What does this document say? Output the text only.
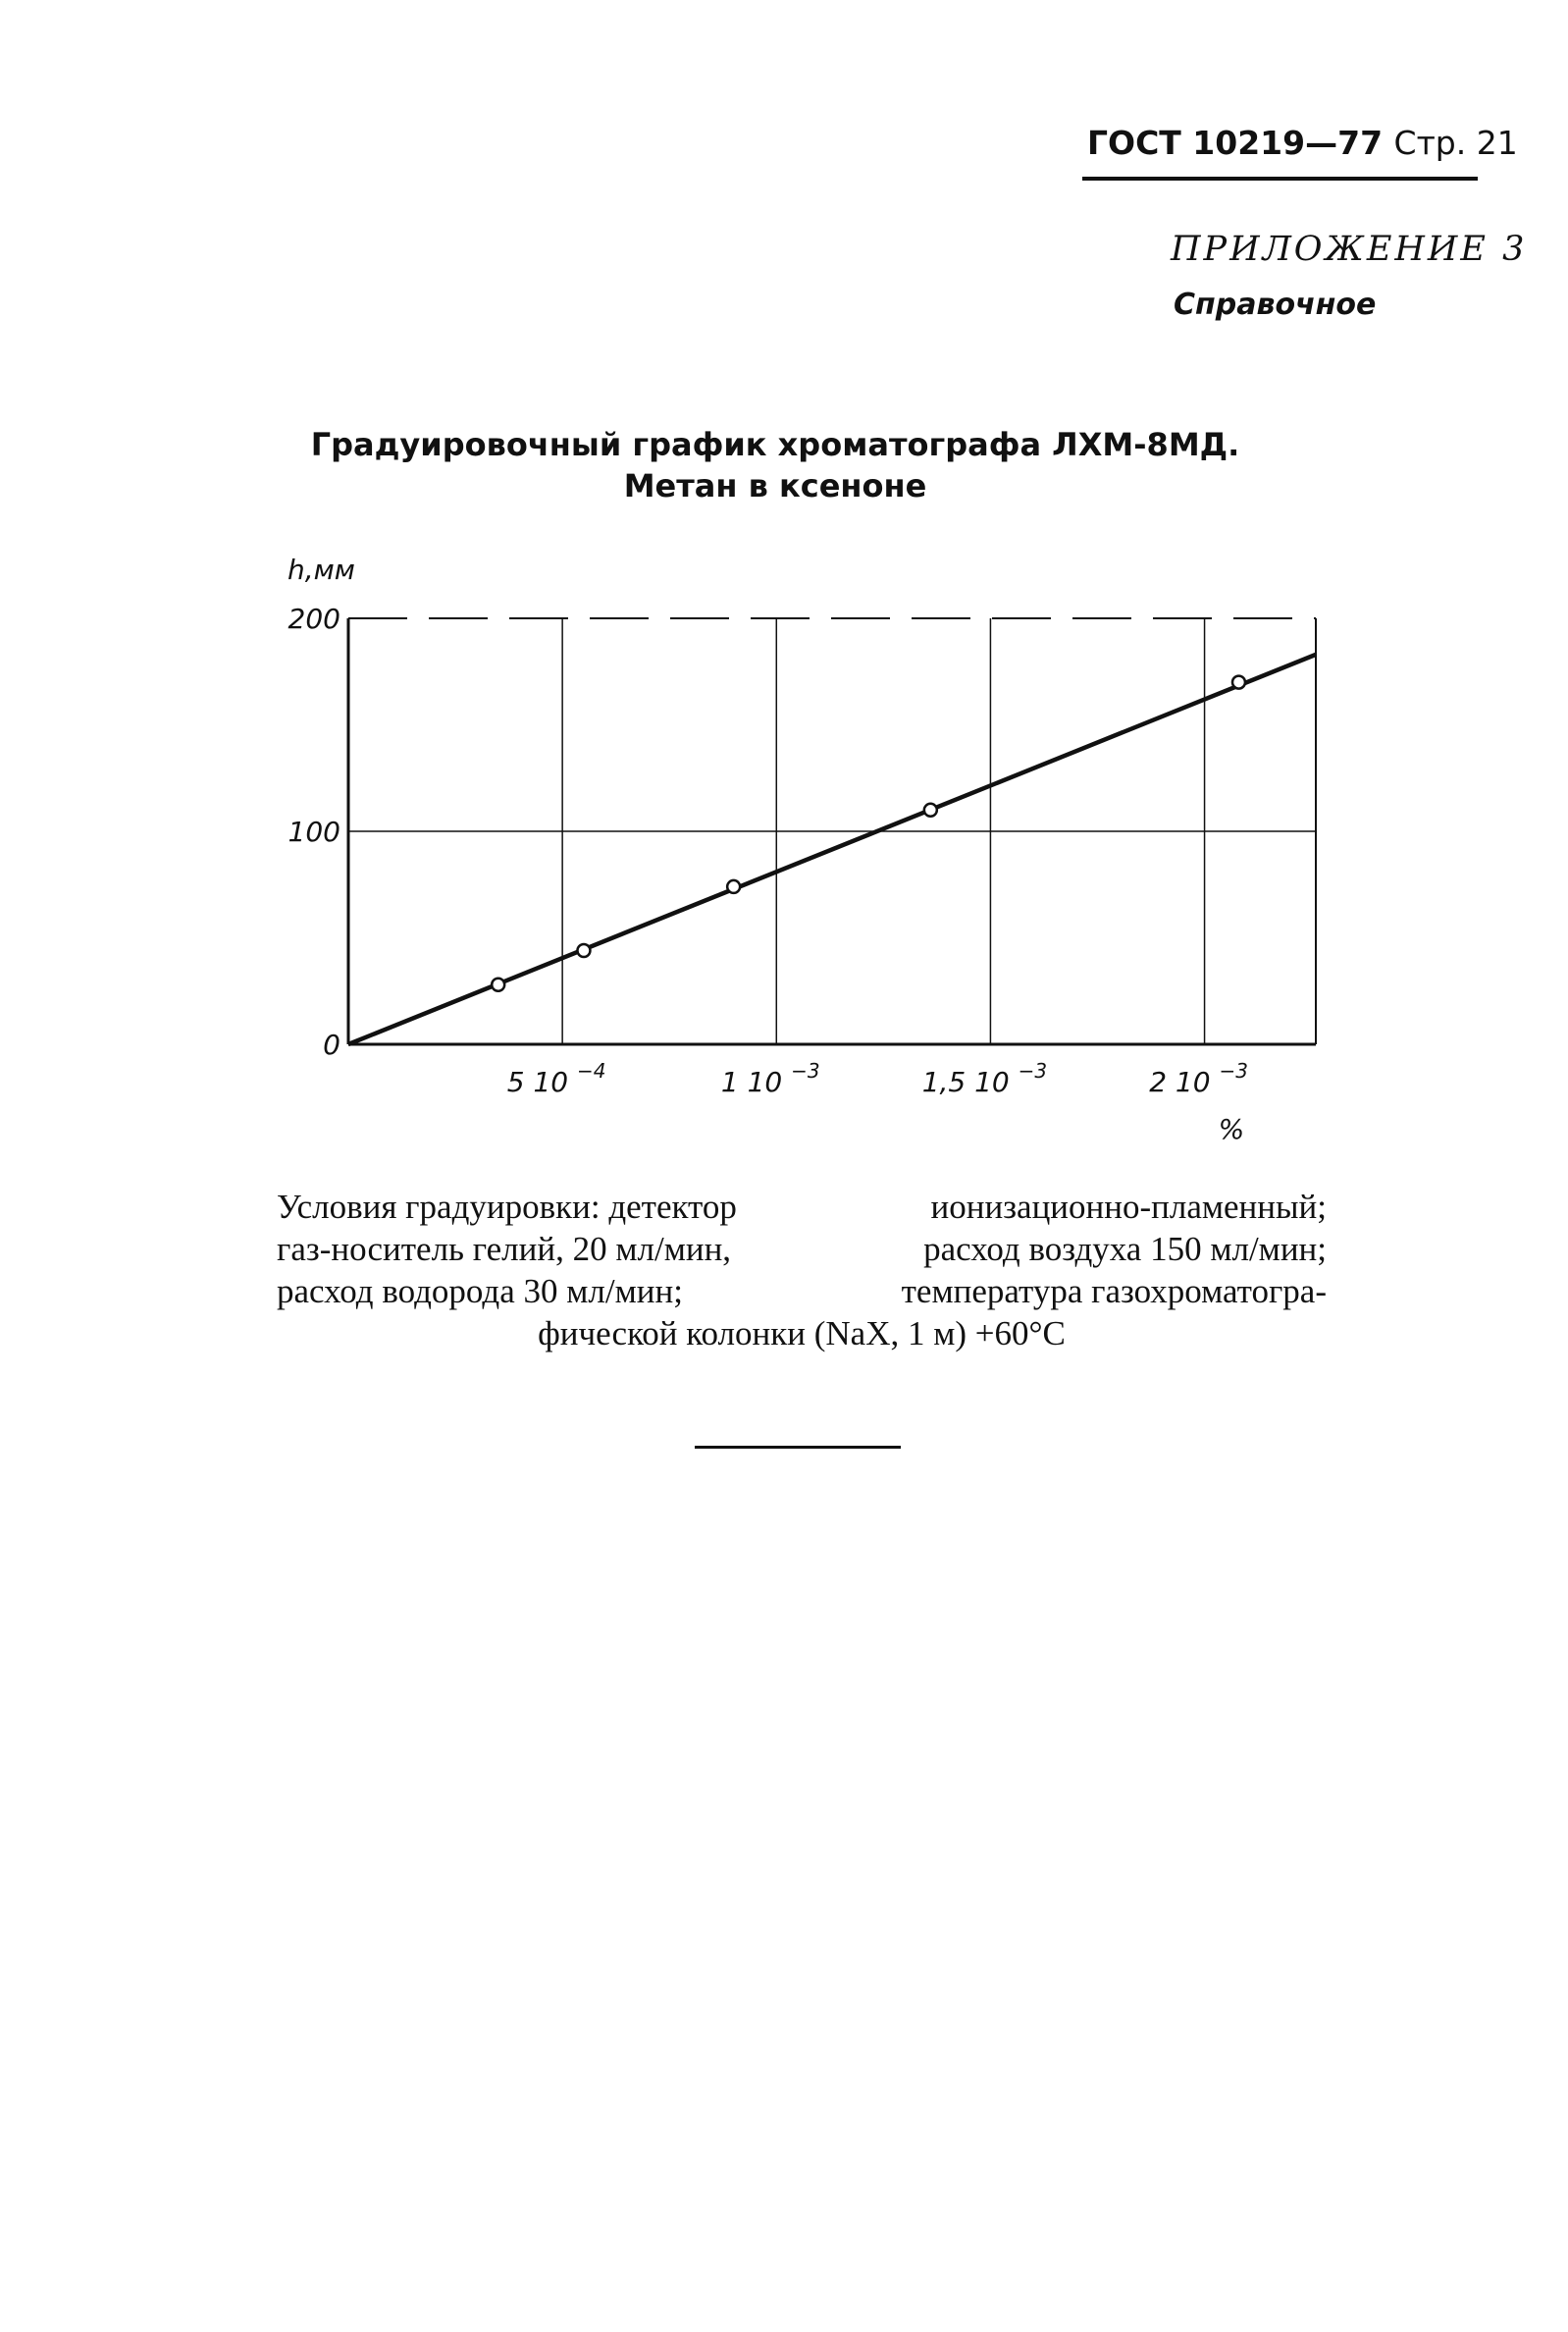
ГОСТ 10219—77 Стр. 21
ПРИЛОЖЕНИЕ 3
Справочное
Градуировочный график хроматографа ЛХМ-8МД.
Метан в ксеноне
h,мм
%
0
100
200
5 10 $^{-4}$	1 10 $^{-3}$	1,5 10 $^{-3}$	2 10 $^{-3}$
Условия градуировки: детектор	ионизационно-пламенный;
газ-носитель гелий, 20 мл/мин,	расход воздуха 150 мл/мин;
расход водорода 30 мл/мин;	температура газохроматогра-
фической колонки (NaX, 1 м) +60°C
